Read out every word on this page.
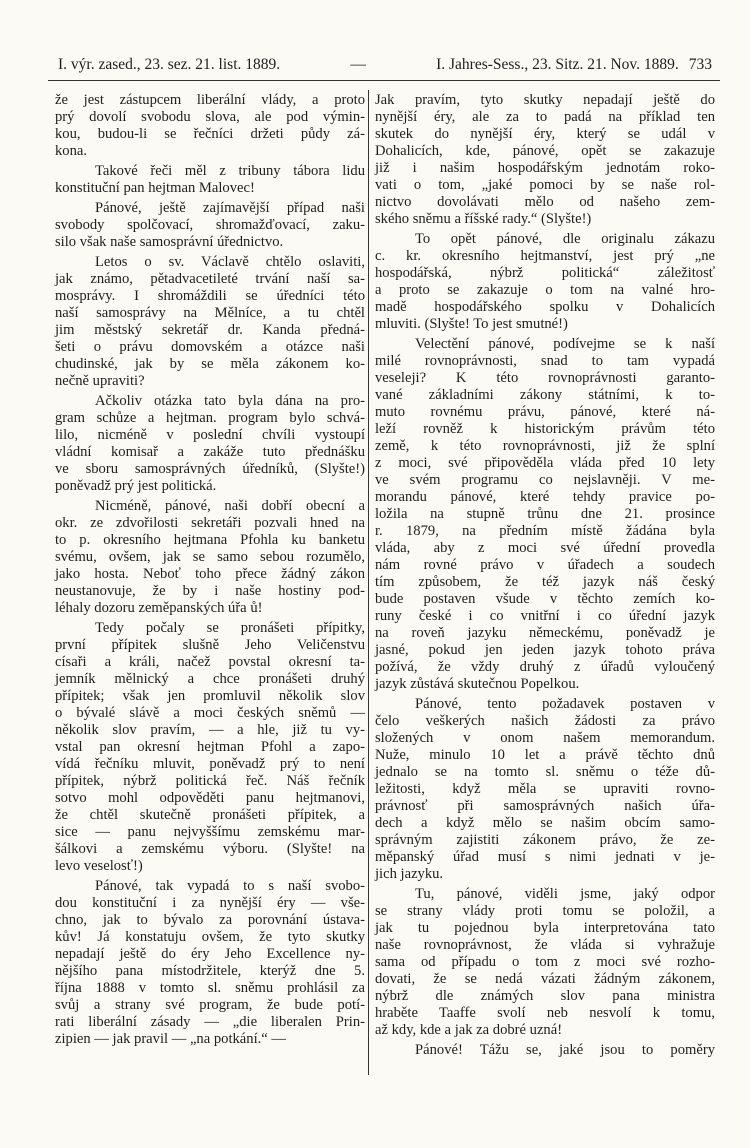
I. výr. zased., 23. sez. 21. list. 1889.	—	I. Jahres-Sess., 23. Sitz. 21. Nov. 1889. 733
že jest zástupcem liberální vlády, a proto
prý dovolí svobodu slova, ale pod výmin-
kou, budou-li se řečníci držeti půdy zá-
kona.
Takové řeči měl z tribuny tábora lidu
konstituční pan hejtman Malovec!
Pánové, ještě zajímavější případ naši
svobody spolčovací, shromažďovací, zaku-
silo však naše samosprávní úřednictvo.
Letos o sv. Václavě chtělo oslaviti,
jak známo, pětadvacetileté trvání naší sa-
mosprávy. I shromáždili se úředníci této
naší samosprávy na Mělníce, a tu chtěl
jim městský sekretář dr. Kanda předná-
šeti o právu domovském a otázce naši
chudinské, jak by se měla zákonem ko-
nečně upraviti?
Ačkoliv otázka tato byla dána na pro-
gram schůze a hejtman. program bylo schvá-
lilo, nicméně v poslední chvíli vystoupí
vládní komisař a zakáže tuto přednášku
ve sboru samosprávných úředníků, (Slyšte!)
poněvadž prý jest politická.
Nicméně, pánové, naši dobří obecní a
okr. ze zdvořilosti sekretáři pozvali hned na
to p. okresního hejtmana Pfohla ku banketu
svému, ovšem, jak se samo sebou rozumělo,
jako hosta. Neboť toho přece žádný zákon
neustanovuje, že by i naše hostiny pod-
léhaly dozoru zeměpanských úřa ů!
Tedy počaly se pronášeti přípitky,
první přípitek slušně Jeho Veličenstvu
císaři a králi, načež povstal okresní ta-
jemník mělnický a chce pronášeti druhý
přípitek; však jen promluvil několik slov
o bývalé slávě a moci českých sněmů —
několik slov pravím, — a hle, již tu vy-
vstal pan okresní hejtman Pfohl a zapo-
vídá řečníku mluvit, poněvadž prý to není
přípitek, nýbrž politická řeč. Náš řečník
sotvo mohl odpověděti panu hejtmanovi,
že chtěl skutečně pronášeti přípitek, a
sice — panu nejvyššímu zemskému mar-
šálkovi a zemskému výboru. (Slyšte! na
levo veselosť!)
Pánové, tak vypadá to s naší svobo-
dou konstituční i za nynější éry — vše-
chno, jak to bývalo za porovnání ústava-
kův! Já konstatuju ovšem, že tyto skutky
nepadají ještě do éry Jeho Excellence ny-
nějšího pana místodržitele, kterýž dne 5.
října 1888 v tomto sl. sněmu prohlásil za
svůj a strany své program, že bude potí-
rati liberální zásady — „die liberalen Prin-
zipien — jak pravil — „na potkání.“ —
Jak pravím, tyto skutky nepadají ještě do
nynější éry, ale za to padá na příklad ten
skutek do nynější éry, který se udál v
Dohalicích, kde, pánové, opět se zakazuje
již i našim hospodářským jednotám roko-
vati o tom, „jaké pomoci by se naše rol-
nictvo dovolávati mělo od našeho zem-
ského sněmu a říšské rady.“ (Slyšte!)
To opět pánové, dle originalu zákazu
c. kr. okresního hejtmanství, jest prý „ne
hospodářská, nýbrž politická“ záležitosť
a proto se zakazuje o tom na valné hro-
madě hospodářského spolku v Dohalicích
mluviti. (Slyšte! To jest smutné!)
Velectění pánové, podívejme se k naší
milé rovnoprávnosti, snad to tam vypadá
veseleji? K této rovnoprávnosti garanto-
vané základními zákony státními, k to-
muto rovnému právu, pánové, které ná-
leží rovněž k historickým právům této
země, k této rovnoprávnosti, již že splní
z moci, své připověděla vláda před 10 lety
ve svém programu co nejslavněji. V me-
morandu pánové, které tehdy pravice po-
ložila na stupně trůnu dne 21. prosince
r. 1879, na předním místě žádána byla
vláda, aby z moci své úřední provedla
nám rovné právo v úřadech a soudech
tím způsobem, že též jazyk náš český
bude postaven všude v těchto zemích ko-
runy české i co vnitřní i co úřední jazyk
na roveň jazyku německému, poněvadž je
jasné, pokud jen jeden jazyk tohoto práva
požívá, že vždy druhý z úřadů vyloučený
jazyk zůstává skutečnou Popelkou.
Pánové, tento požadavek postaven v
čelo veškerých našich žádosti za právo
složených v onom našem memorandum.
Nuže, minulo 10 let a právě těchto dnů
jednalo se na tomto sl. sněmu o téže dů-
ležitosti, když měla se upraviti rovno-
právnosť při samosprávných našich úřa-
dech a když mělo se našim obcím samo-
správným zajistiti zákonem právo, že ze-
měpanský úřad musí s nimi jednati v je-
jich jazyku.
Tu, pánové, viděli jsme, jaký odpor
se strany vlády proti tomu se položil, a
jak tu pojednou byla interpretována tato
naše rovnoprávnost, že vláda si vyhražuje
sama od případu o tom z moci své rozho-
dovati, že se nedá vázati žádným zákonem,
nýbrž dle známých slov pana ministra
hraběte Taaffe svolí neb nesvolí k tomu,
až kdy, kde a jak za dobré uzná!
Pánové! Tážu se, jaké jsou to poměry
